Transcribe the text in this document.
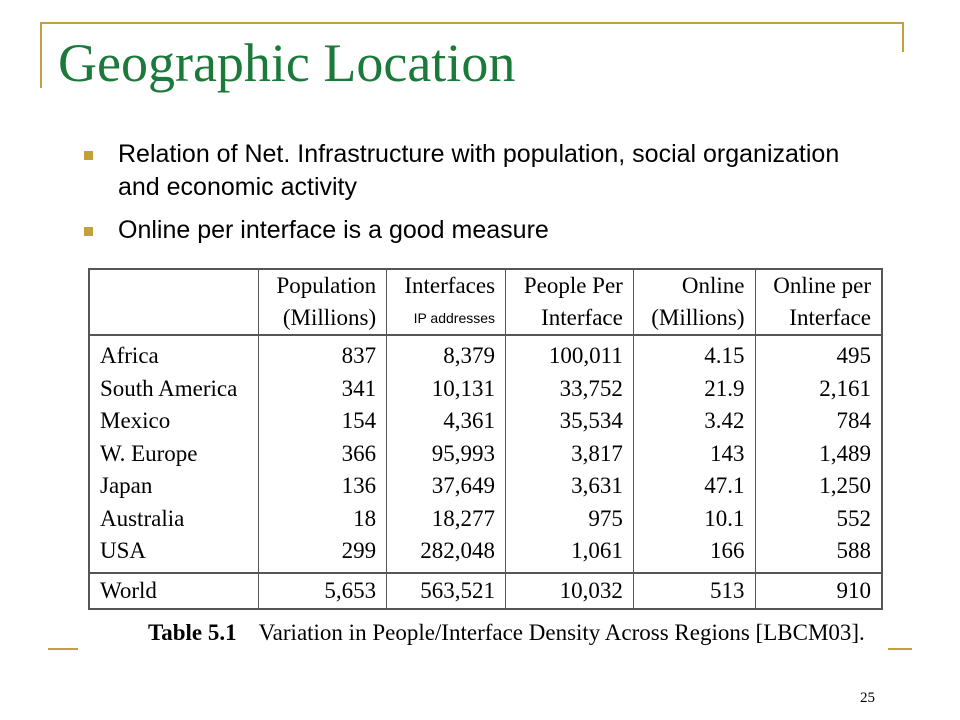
Geographic Location
Relation of Net. Infrastructure with population, social organization and economic activity
Online per interface is a good measure
	Population	Interfaces	People Per	Online	Online per
	(Millions)	IP addresses	Interface	(Millions)	Interface
Africa	837	8,379	100,011	4.15	495
South America	341	10,131	33,752	21.9	2,161
Mexico	154	4,361	35,534	3.42	784
W. Europe	366	95,993	3,817	143	1,489
Japan	136	37,649	3,631	47.1	1,250
Australia	18	18,277	975	10.1	552
USA	299	282,048	1,061	166	588
World	5,653	563,521	10,032	513	910
Table 5.1 Variation in People/Interface Density Across Regions [LBCM03].
25
